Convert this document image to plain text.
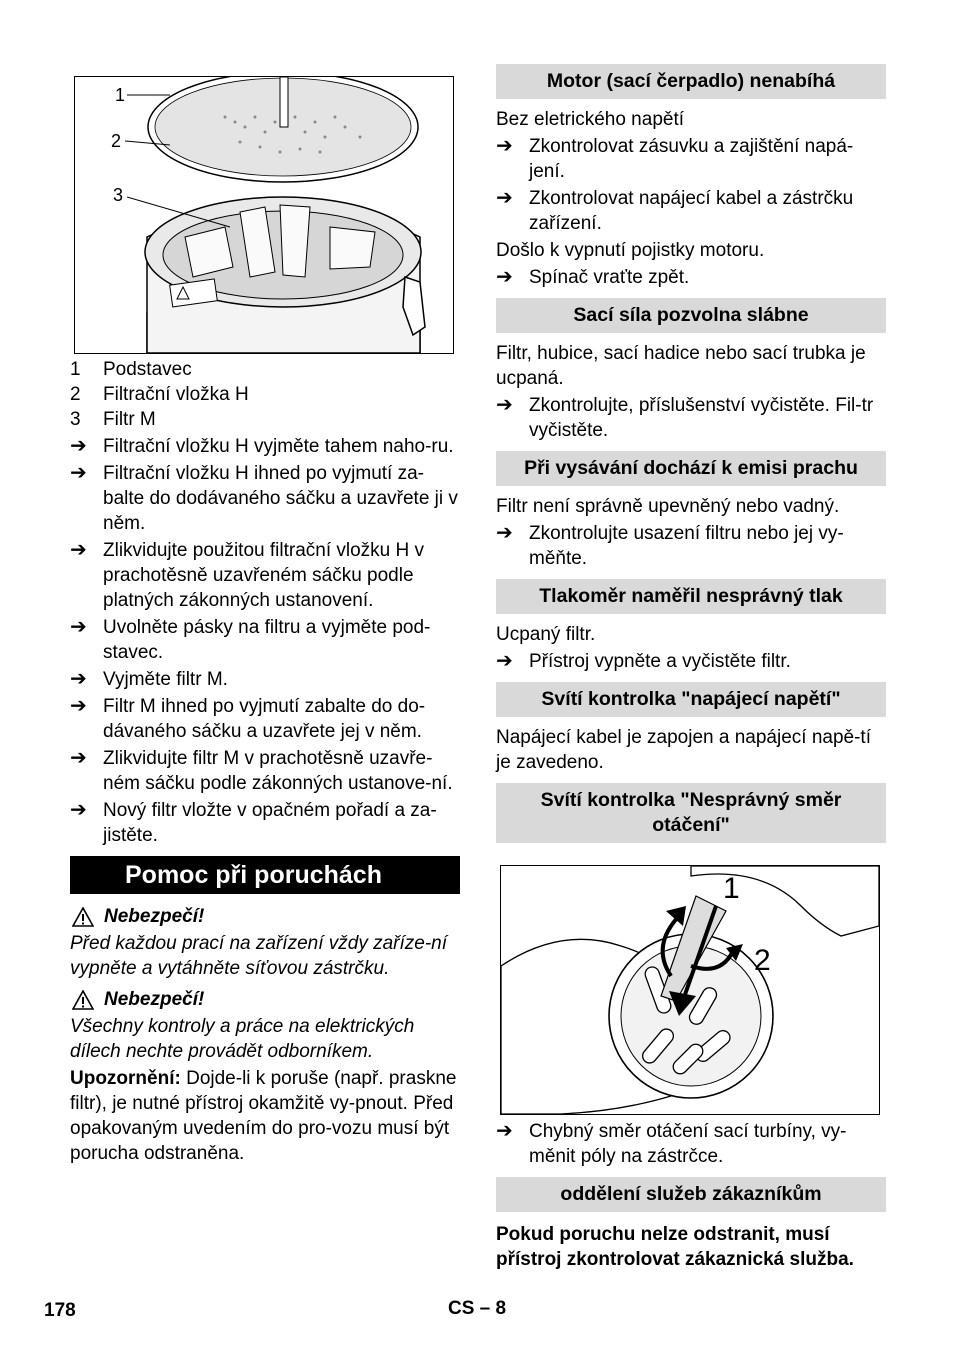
1
2
3
1	Podstavec
2	Filtrační vložka H
3	Filtr M
➔ Filtrační vložku H vyjměte tahem naho-ru.
➔ Filtrační vložku H ihned po vyjmutí za-balte do dodávaného sáčku a uzavřete ji v něm.
➔ Zlikvidujte použitou filtrační vložku H v prachotěsně uzavřeném sáčku podle platných zákonných ustanovení.
➔ Uvolněte pásky na filtru a vyjměte pod-stavec.
➔ Vyjměte filtr M.
➔ Filtr M ihned po vyjmutí zabalte do do-dávaného sáčku a uzavřete jej v něm.
➔ Zlikvidujte filtr M v prachotěsně uzavře-ném sáčku podle zákonných ustanove-ní.
➔ Nový filtr vložte v opačném pořadí a za-jistěte.
Pomoc při poruchách
Nebezpečí!

Před každou prací na zařízení vždy zaříze-ní vypněte a vytáhněte síťovou zástrčku.

Nebezpečí!

Všechny kontroly a práce na elektrických dílech nechte provádět odborníkem.

Upozornění: Dojde-li k poruše (např. praskne filtr), je nutné přístroj okamžitě vy-pnout. Před opakovaným uvedením do pro-vozu musí být porucha odstraněna.

Motor (sací čerpadlo) nenabíhá

Bez eletrického napětí

➔ Zkontrolovat zásuvku a zajištění napá-jení.
➔ Zkontrolovat napájecí kabel a zástrčku zařízení.

Došlo k vypnutí pojistky motoru.

➔ Spínač vraťte zpět.
Sací síla pozvolna slábne

Filtr, hubice, sací hadice nebo sací trubka je ucpaná.

➔ Zkontrolujte, příslušenství vyčistěte. Fil-tr vyčistěte.
Při vysávání dochází k emisi prachu

Filtr není správně upevněný nebo vadný.

➔ Zkontrolujte usazení filtru nebo jej vy-měňte.
Tlakoměr naměřil nesprávný tlak

Ucpaný filtr.

➔ Přístroj vypněte a vyčistěte filtr.
Svítí kontrolka "napájecí napětí"

Napájecí kabel je zapojen a napájecí napě-tí je zavedeno.

Svítí kontrolka "Nesprávný směr otáčení"
1
2
➔ Chybný směr otáčení sací turbíny, vy-měnit póly na zástrčce.
oddělení služeb zákazníkům

Pokud poruchu nelze odstranit, musí přístroj zkontrolovat zákaznická služba.

178	CS – 8
